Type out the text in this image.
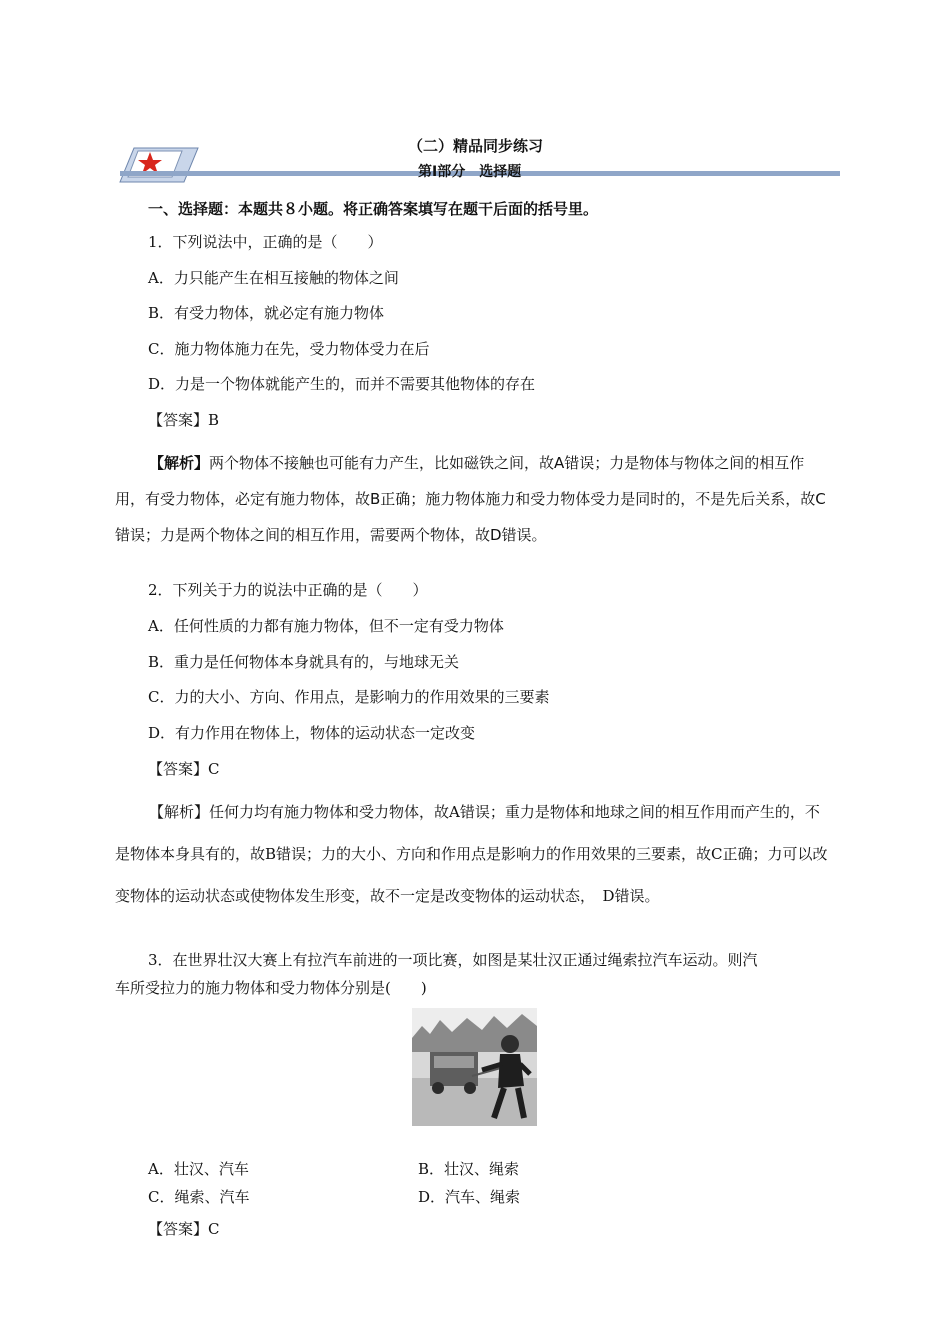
（二）精品同步练习
第Ⅰ部分　选择题
一、选择题：本题共８小题。将正确答案填写在题干后面的括号里。
1．下列说法中，正确的是（　　）
A．力只能产生在相互接触的物体之间
B．有受力物体，就必定有施力物体
C．施力物体施力在先，受力物体受力在后
D．力是一个物体就能产生的，而并不需要其他物体的存在
【答案】B
【解析】两个物体不接触也可能有力产生，比如磁铁之间，故A错误；力是物体与物体之间的相互作用，有受力物体，必定有施力物体，故B正确；施力物体施力和受力物体受力是同时的，不是先后关系，故C错误；力是两个物体之间的相互作用，需要两个物体，故D错误。
2．下列关于力的说法中正确的是（　　）
A．任何性质的力都有施力物体，但不一定有受力物体
B．重力是任何物体本身就具有的，与地球无关
C．力的大小、方向、作用点，是影响力的作用效果的三要素
D．有力作用在物体上，物体的运动状态一定改变
【答案】C
【解析】任何力均有施力物体和受力物体，故A错误；重力是物体和地球之间的相互作用而产生的，不是物体本身具有的，故B错误；力的大小、方向和作用点是影响力的作用效果的三要素，故C正确；力可以改变物体的运动状态或使物体发生形变，故不一定是改变物体的运动状态，　D错误。
3．在世界壮汉大赛上有拉汽车前进的一项比赛，如图是某壮汉正通过绳索拉汽车运动。则汽
车所受拉力的施力物体和受力物体分别是(　　)
A．壮汉、汽车	B．壮汉、绳索
C．绳索、汽车	D．汽车、绳索
【答案】C
